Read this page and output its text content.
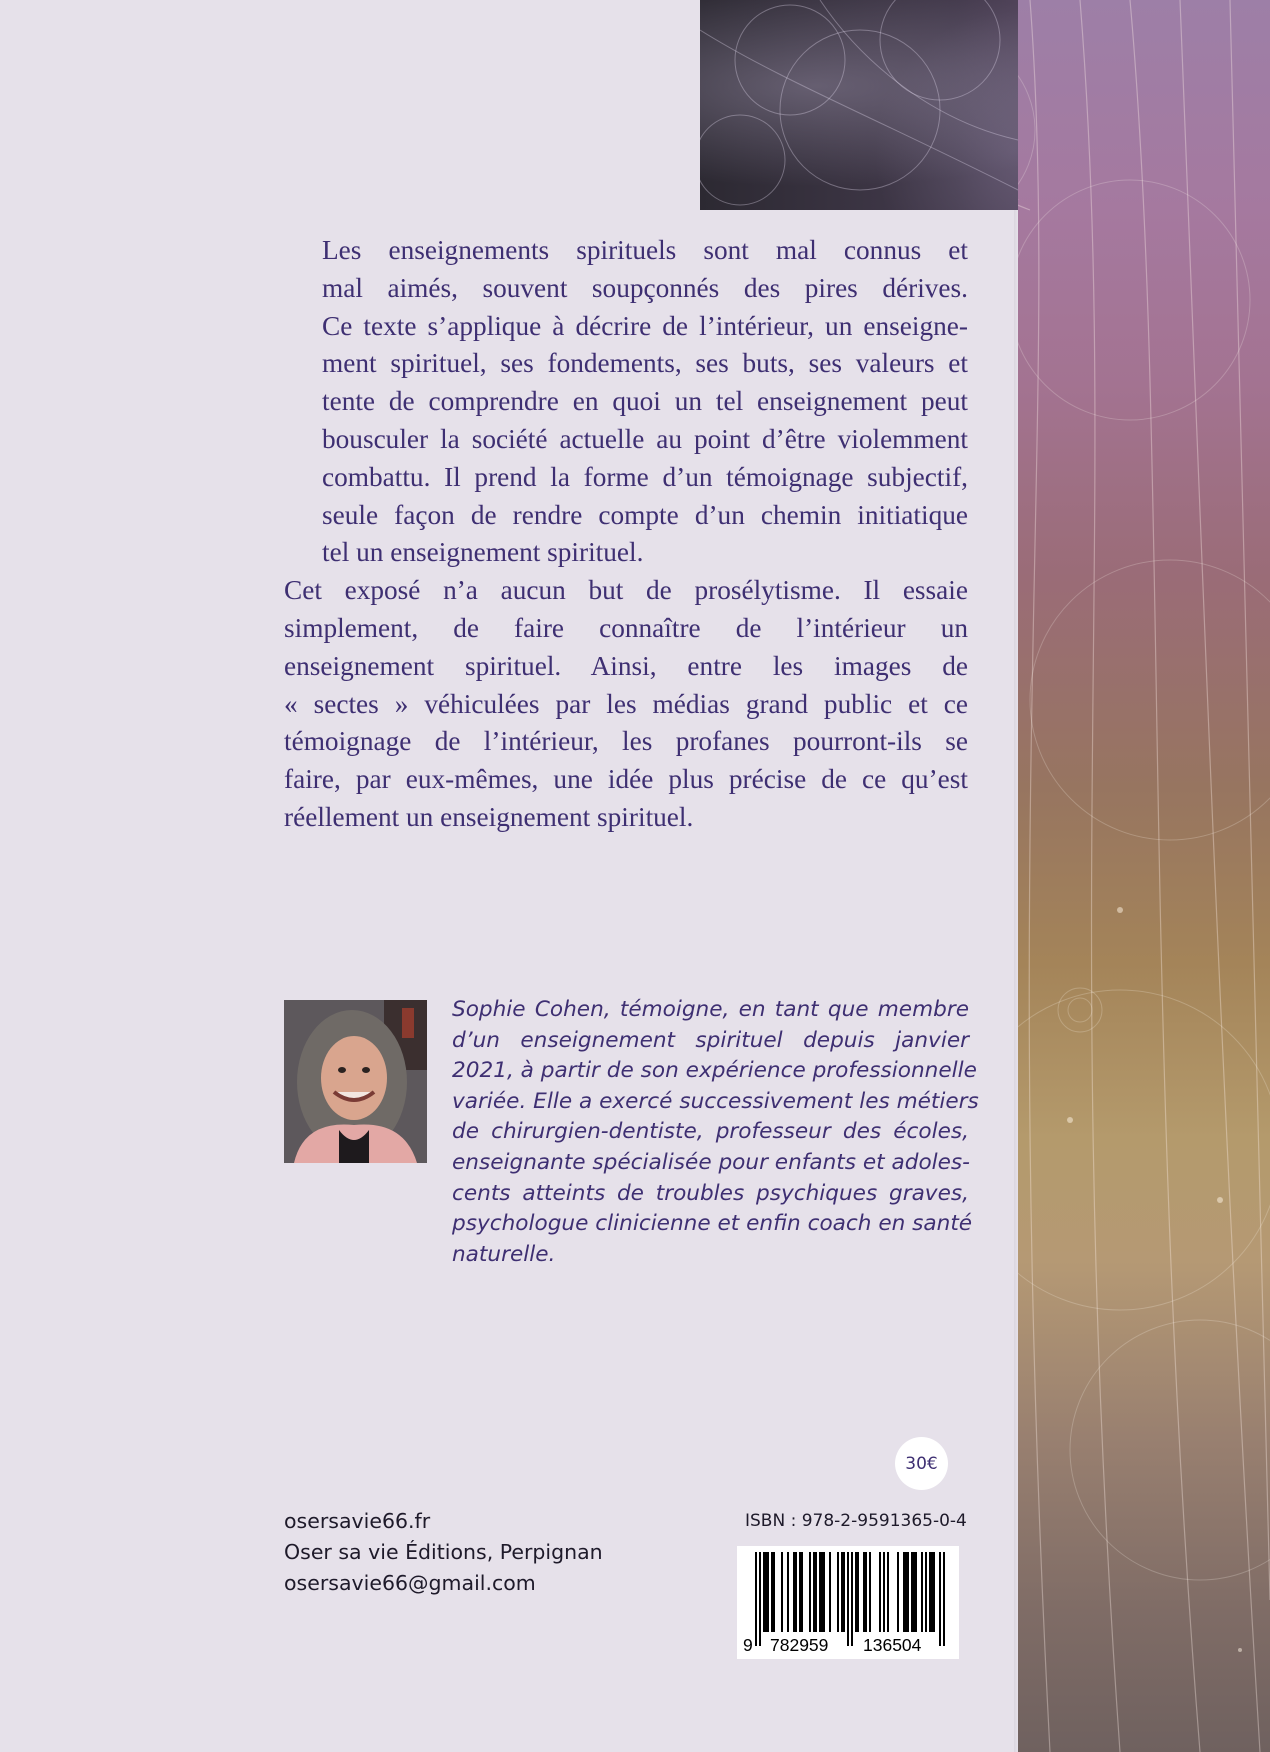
Les enseignements spirituels sont mal connus et
mal aimés, souvent soupçonnés des pires dérives.
Ce texte s’applique à décrire de l’intérieur, un enseigne-
ment spirituel, ses fondements, ses buts, ses valeurs et
tente de comprendre en quoi un tel enseignement peut
bousculer la société actuelle au point d’être violemment
combattu. Il prend la forme d’un témoignage subjectif,
seule façon de rendre compte d’un chemin initiatique
tel un enseignement spirituel.

Cet exposé n’a aucun but de prosélytisme. Il essaie
simplement, de faire connaître de l’intérieur un
enseignement spirituel. Ainsi, entre les images de
« sectes » véhiculées par les médias grand public et ce
témoignage de l’intérieur, les profanes pourront-ils se
faire, par eux-mêmes, une idée plus précise de ce qu’est
réellement un enseignement spirituel.

Sophie Cohen, témoigne, en tant que membre
d’un enseignement spirituel depuis janvier
2021, à partir de son expérience professionnelle
variée. Elle a exercé successivement les métiers
de chirurgien-dentiste, professeur des écoles,
enseignante spécialisée pour enfants et adoles-
cents atteints de troubles psychiques graves,
psychologue clinicienne et enfin coach en santé
naturelle.
30€
osersavie66.fr
Oser sa vie Éditions, Perpignan
osersavie66@gmail.com
ISBN : 978-2-9591365-0-4
9 782959 136504
